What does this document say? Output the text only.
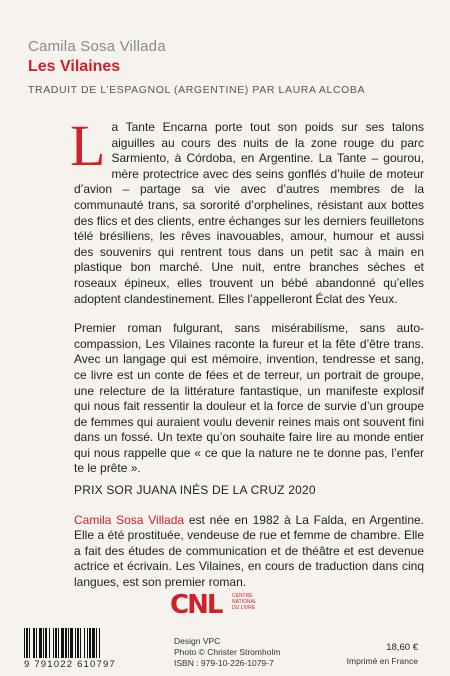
Camila Sosa Villada
Les Vilaines
TRADUIT DE L’ESPAGNOL (ARGENTINE) PAR LAURA ALCOBA

L a Tante Encarna porte tout son poids sur ses talons aiguilles au cours des nuits de la zone rouge du parc Sarmiento, à Córdoba, en Argentine. La Tante – gourou, mère protectrice avec des seins gonflés d’huile de moteur d’avion – partage sa vie avec d’autres membres de la communauté trans, sa sororité d’orphelines, résistant aux bottes des flics et des clients, entre échanges sur les derniers feuilletons télé brésiliens, les rêves inavouables, amour, humour et aussi des souvenirs qui rentrent tous dans un petit sac à main en plastique bon marché. Une nuit, entre branches sèches et roseaux épineux, elles trouvent un bébé abandonné qu’elles adoptent clandestinement. Elles l’appelleront Éclat des Yeux.

Premier roman fulgurant, sans misérabilisme, sans auto-compassion, Les Vilaines raconte la fureur et la fête d’être trans. Avec un langage qui est mémoire, invention, tendresse et sang, ce livre est un conte de fées et de terreur, un portrait de groupe, une relecture de la littérature fantastique, un manifeste explosif qui nous fait ressentir la douleur et la force de survie d’un groupe de femmes qui auraient voulu devenir reines mais ont souvent fini dans un fossé. Un texte qu’on souhaite faire lire au monde entier qui nous rappelle que « ce que la nature ne te donne pas, l’enfer te le prête ».

PRIX SOR JUANA INÉS DE LA CRUZ 2020

Camila Sosa Villada est née en 1982 à La Falda, en Argentine. Elle a été prostituée, vendeuse de rue et femme de chambre. Elle a fait des études de communication et de théâtre et est devenue actrice et écrivain. Les Vilaines, en cours de traduction dans cinq langues, est son premier roman.

CNL	CENTRE NATIONAL DU LIVRE
9 791022 610797
Design VPC
Photo © Christer Stromholm
ISBN : 979-10-226-1079-7
18,60 €
Imprimé en France
